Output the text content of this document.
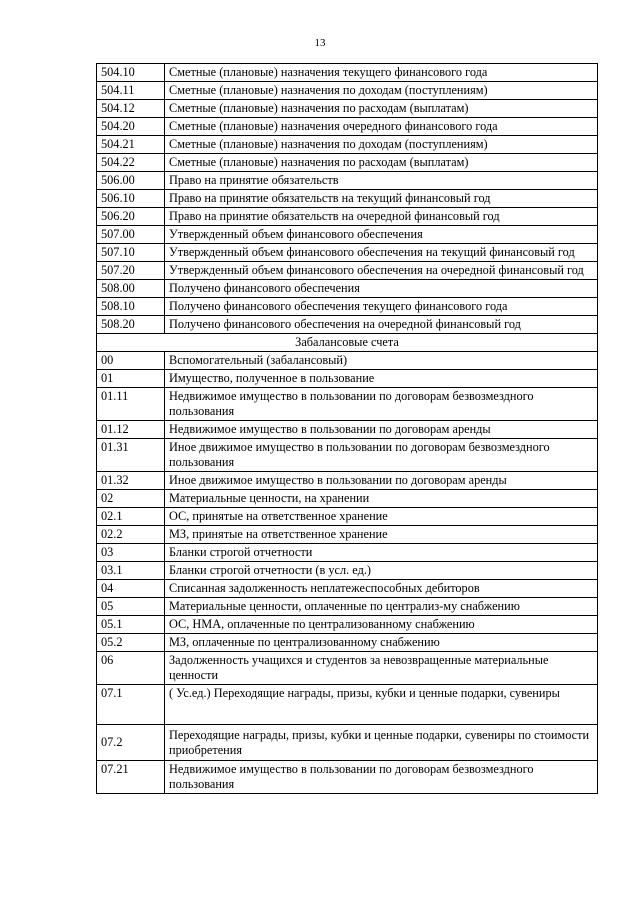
13
504.10	Сметные (плановые) назначения текущего финансового года
504.11	Сметные (плановые) назначения по доходам (поступлениям)
504.12	Сметные (плановые) назначения по расходам (выплатам)
504.20	Сметные (плановые) назначения очередного финансового года
504.21	Сметные (плановые) назначения по доходам (поступлениям)
504.22	Сметные (плановые) назначения по расходам (выплатам)
506.00	Право на принятие обязательств
506.10	Право на принятие обязательств на текущий финансовый год
506.20	Право на принятие обязательств на очередной финансовый год
507.00	Утвержденный объем финансового обеспечения
507.10	Утвержденный объем финансового обеспечения на текущий финансовый год
507.20	Утвержденный объем финансового обеспечения на очередной финансовый год
508.00	Получено финансового обеспечения
508.10	Получено финансового обеспечения текущего финансового года
508.20	Получено финансового обеспечения на очередной финансовый год
Забалансовые счета	
00	Вспомогательный (забалансовый)
01	Имущество, полученное в пользование
01.11	Недвижимое имущество в пользовании по договорам безвозмездного пользования
01.12	Недвижимое имущество в пользовании по договорам аренды
01.31	Иное движимое имущество в пользовании по договорам безвозмездного пользования
01.32	Иное движимое имущество в пользовании по договорам аренды
02	Материальные ценности, на хранении
02.1	ОС, принятые на ответственное хранение
02.2	МЗ, принятые на ответственное хранение
03	Бланки строгой отчетности
03.1	Бланки строгой отчетности (в усл. ед.)
04	Списанная задолженность неплатежеспособных дебиторов
05	Материальные ценности, оплаченные по централиз-му снабжению
05.1	ОС, НМА, оплаченные по централизованному снабжению
05.2	МЗ, оплаченные по централизованному снабжению
06	Задолженность учащихся и студентов за невозвращенные материальные ценности
07.1	( Ус.ед.) Переходящие награды, призы, кубки и ценные подарки, сувениры
07.2	Переходящие награды, призы, кубки и ценные подарки, сувениры по стоимости приобретения
07.21	Недвижимое имущество в пользовании по договорам безвозмездного пользования
